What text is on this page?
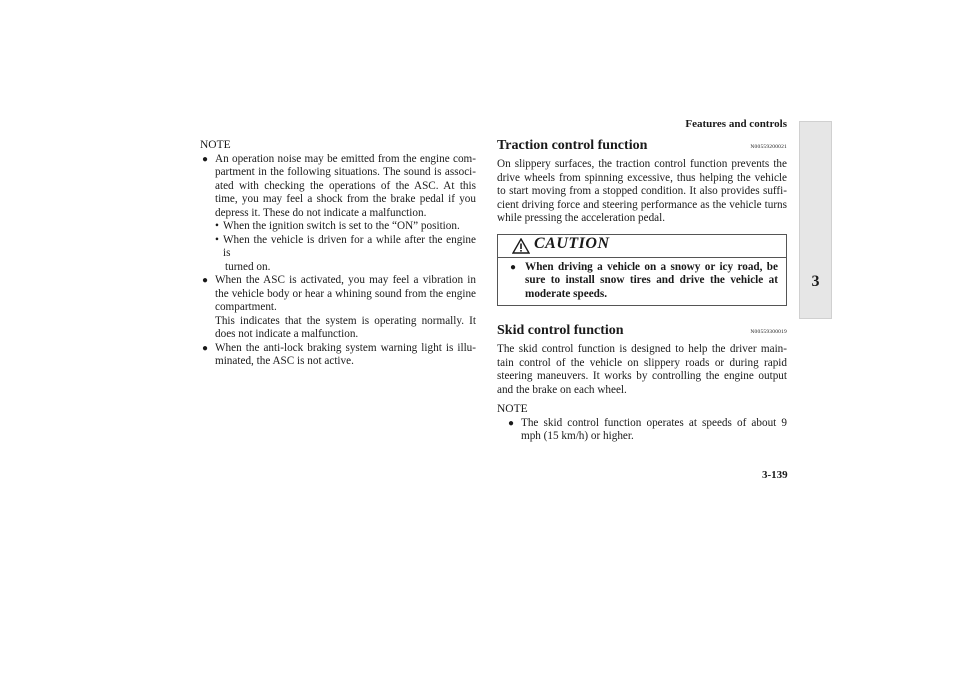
Features and controls
3

NOTE

● An operation noise may be emitted from the engine com- partment in the following situations. The sound is associ- ated with checking the operations of the ASC. At this time, you may feel a shock from the brake pedal if you depress it. These do not indicate a malfunction.

• When the ignition switch is set to the “ON” position.
• When the vehicle is driven for a while after the engine is
turned on.
● When the ASC is activated, you may feel a vibration in the vehicle body or hear a whining sound from the engine compartment.

This indicates that the system is operating normally. It does not indicate a malfunction.

● When the anti-lock braking system warning light is illu- minated, the ASC is not active.

Traction control function	N00559200021

On slippery surfaces, the traction control function prevents the drive wheels from spinning excessive, thus helping the vehicle to start moving from a stopped condition. It also provides suffi- cient driving force and steering performance as the vehicle turns while pressing the acceleration pedal.

CAUTION
● When driving a vehicle on a snowy or icy road, be sure to install snow tires and drive the vehicle at moderate speeds.

Skid control function	N00559300019

The skid control function is designed to help the driver main- tain control of the vehicle on slippery roads or during rapid steering maneuvers. It works by controlling the engine output and the brake on each wheel.

NOTE

● The skid control function operates at speeds of about 9 mph (15 km/h) or higher.

3-139
